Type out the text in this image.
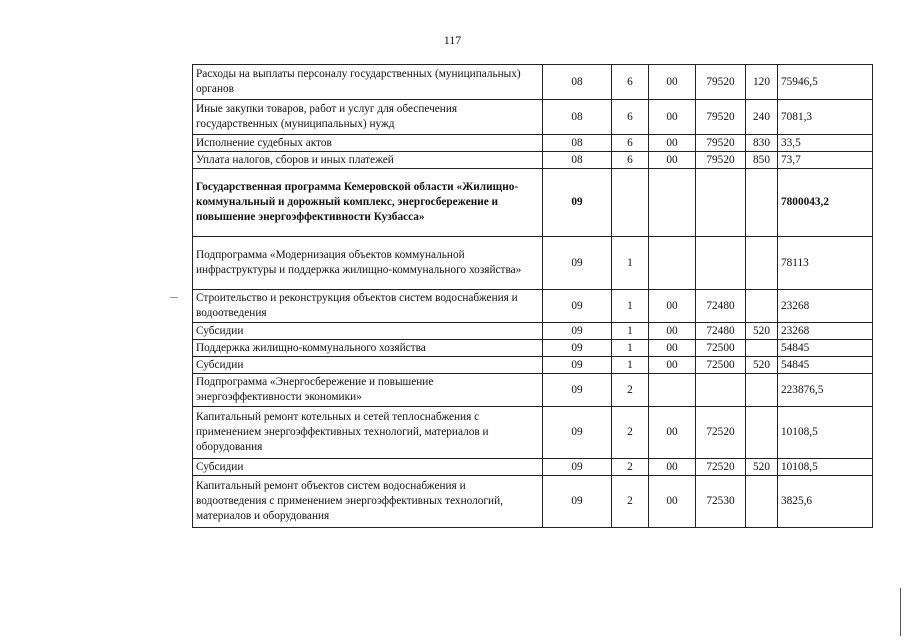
117
Расходы на выплаты персоналу государственных (муниципальных) органов	08	6	00	79520	120	75946,5
Иные закупки товаров, работ и услуг для обеспечения государственных (муниципальных) нужд	08	6	00	79520	240	7081,3
Исполнение судебных актов	08	6	00	79520	830	33,5
Уплата налогов, сборов и иных платежей	08	6	00	79520	850	73,7
Государственная программа Кемеровской области «Жилищно-коммунальный и дорожный комплекс, энергосбережение и повышение энергоэффективности Кузбасса»	09					7800043,2
Подпрограмма «Модернизация объектов коммунальной инфраструктуры и поддержка жилищно-коммунального хозяйства»	09	1				78113
Строительство и реконструкция объектов систем водоснабжения и водоотведения	09	1	00	72480		23268
Субсидии	09	1	00	72480	520	23268
Поддержка жилищно-коммунального хозяйства	09	1	00	72500		54845
Субсидии	09	1	00	72500	520	54845
Подпрограмма «Энергосбережение и повышение энергоэффективности экономики»	09	2				223876,5
Капитальный ремонт котельных и сетей теплоснабжения с применением энергоэффективных технологий, материалов и оборудования	09	2	00	72520		10108,5
Субсидии	09	2	00	72520	520	10108,5
Капитальный ремонт объектов систем водоснабжения и водоотведения с применением энергоэффективных технологий, материалов и оборудования	09	2	00	72530		3825,6
